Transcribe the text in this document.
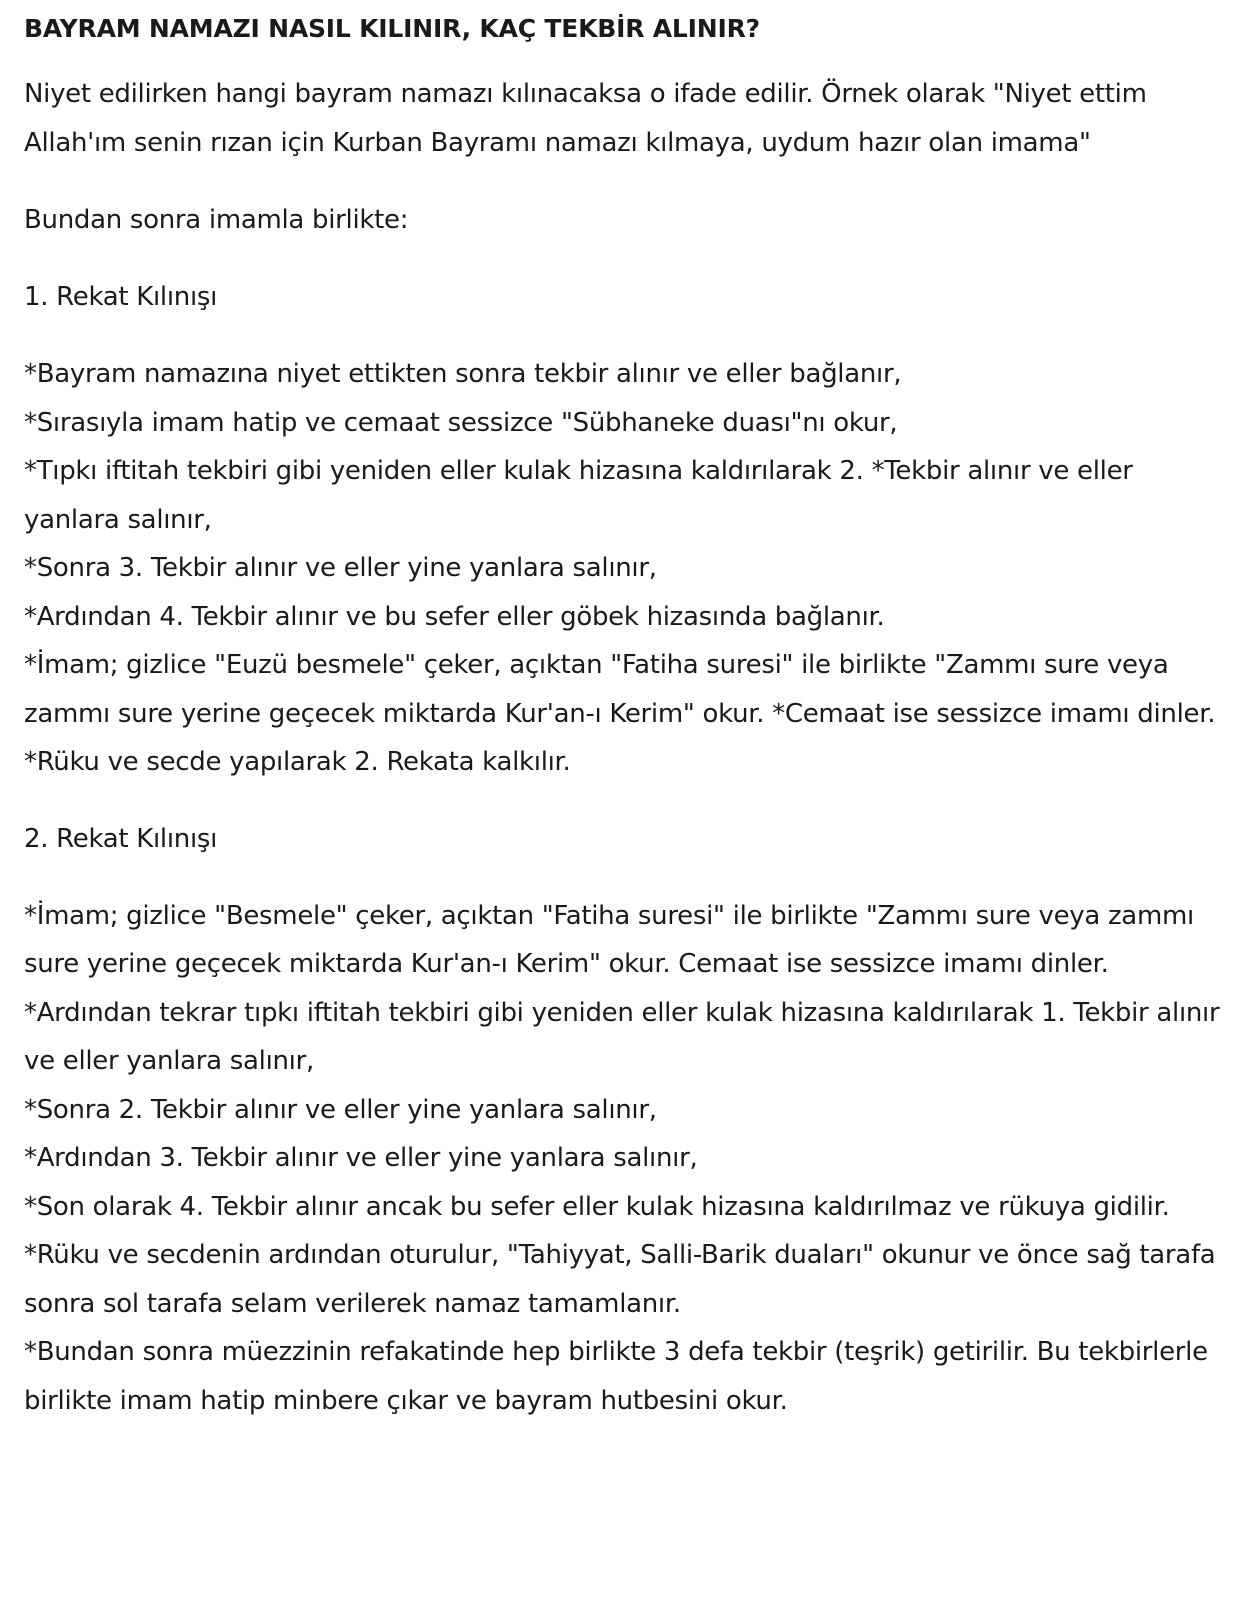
BAYRAM NAMAZI NASIL KILINIR, KAÇ TEKBİR ALINIR?

Niyet edilirken hangi bayram namazı kılınacaksa o ifade edilir. Örnek olarak "Niyet ettim Allah'ım senin rızan için Kurban Bayramı namazı kılmaya, uydum hazır olan imama"

Bundan sonra imamla birlikte:

1. Rekat Kılınışı

*Bayram namazına niyet ettikten sonra tekbir alınır ve eller bağlanır,
*Sırasıyla imam hatip ve cemaat sessizce "Sübhaneke duası"nı okur,
*Tıpkı iftitah tekbiri gibi yeniden eller kulak hizasına kaldırılarak 2. *Tekbir alınır ve eller yanlara salınır,
*Sonra 3. Tekbir alınır ve eller yine yanlara salınır,
*Ardından 4. Tekbir alınır ve bu sefer eller göbek hizasında bağlanır.
*İmam; gizlice "Euzü besmele" çeker, açıktan "Fatiha suresi" ile birlikte "Zammı sure veya zammı sure yerine geçecek miktarda Kur'an-ı Kerim" okur. *Cemaat ise sessizce imamı dinler.
*Rüku ve secde yapılarak 2. Rekata kalkılır.

2. Rekat Kılınışı

*İmam; gizlice "Besmele" çeker, açıktan "Fatiha suresi" ile birlikte "Zammı sure veya zammı sure yerine geçecek miktarda Kur'an-ı Kerim" okur. Cemaat ise sessizce imamı dinler.
*Ardından tekrar tıpkı iftitah tekbiri gibi yeniden eller kulak hizasına kaldırılarak 1. Tekbir alınır ve eller yanlara salınır,
*Sonra 2. Tekbir alınır ve eller yine yanlara salınır,
*Ardından 3. Tekbir alınır ve eller yine yanlara salınır,
*Son olarak 4. Tekbir alınır ancak bu sefer eller kulak hizasına kaldırılmaz ve rükuya gidilir.
*Rüku ve secdenin ardından oturulur, "Tahiyyat, Salli-Barik duaları" okunur ve önce sağ tarafa sonra sol tarafa selam verilerek namaz tamamlanır.
*Bundan sonra müezzinin refakatinde hep birlikte 3 defa tekbir (teşrik) getirilir. Bu tekbirlerle birlikte imam hatip minbere çıkar ve bayram hutbesini okur.
